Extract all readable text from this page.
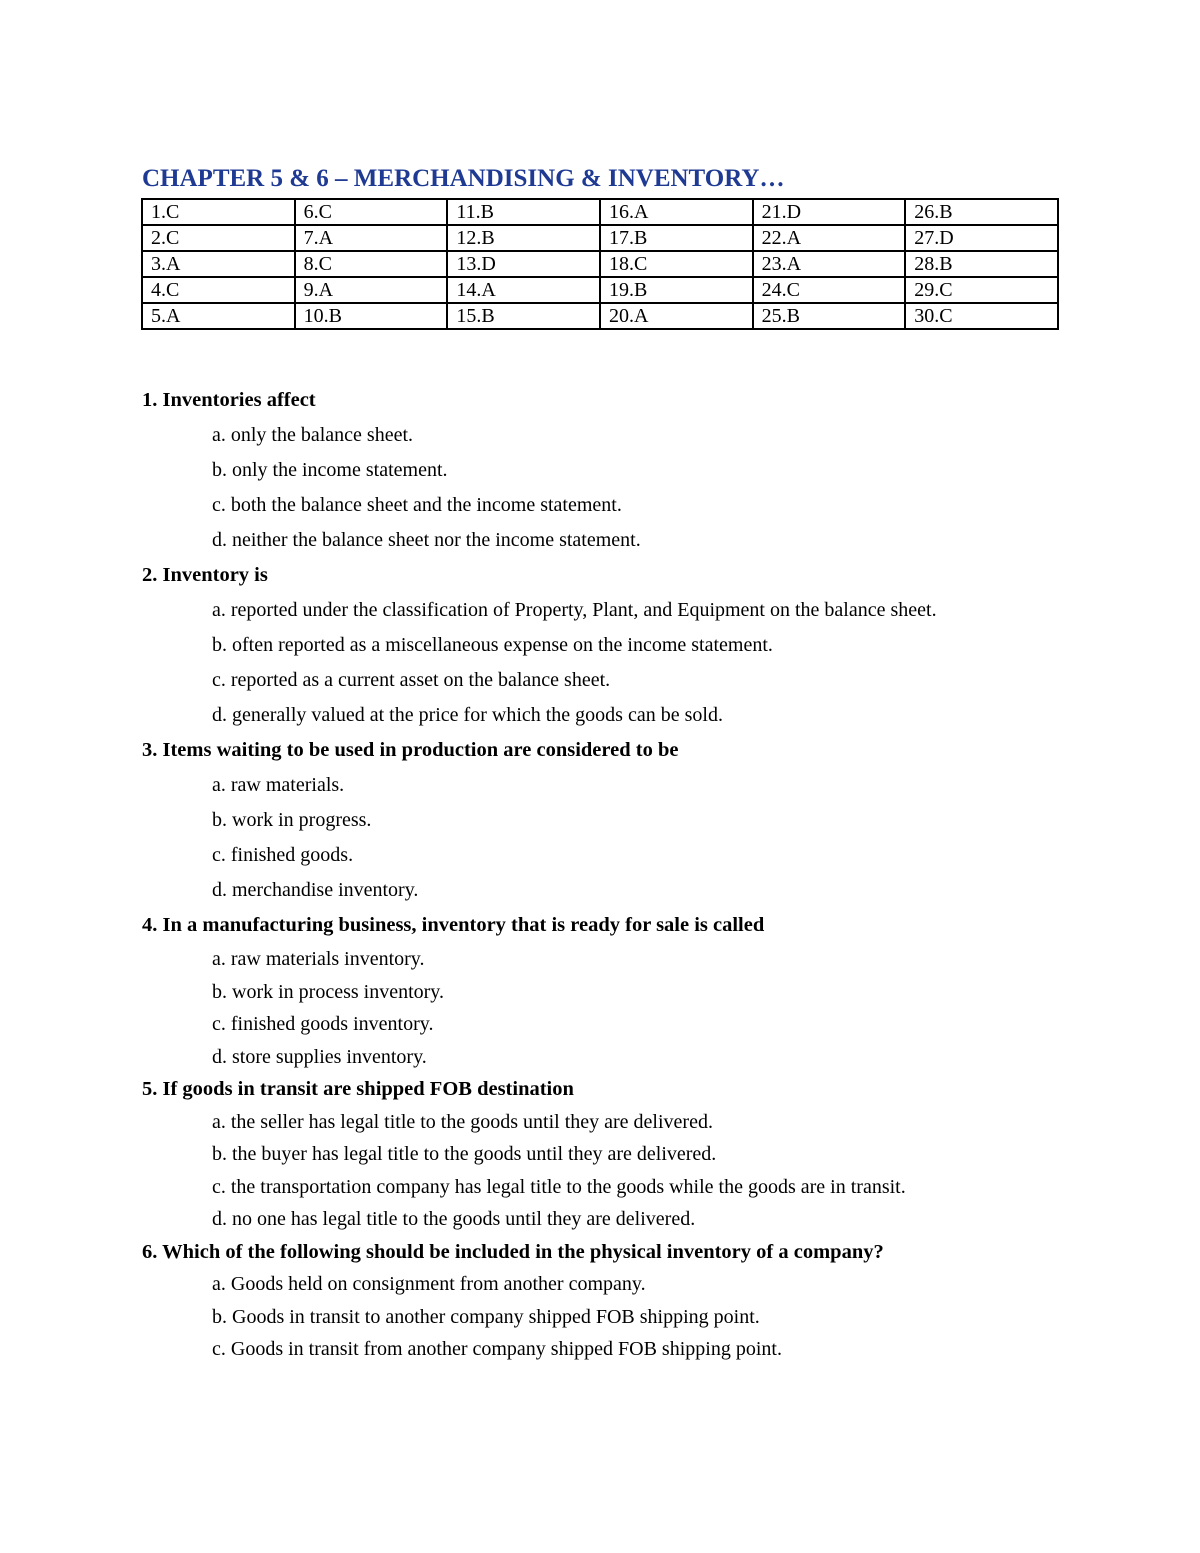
CHAPTER 5 & 6 – MERCHANDISING & INVENTORY…
1.C	6.C	11.B	16.A	21.D	26.B
2.C	7.A	12.B	17.B	22.A	27.D
3.A	8.C	13.D	18.C	23.A	28.B
4.C	9.A	14.A	19.B	24.C	29.C
5.A	10.B	15.B	20.A	25.B	30.C
1. Inventories affect
a. only the balance sheet.
b. only the income statement.
c. both the balance sheet and the income statement.
d. neither the balance sheet nor the income statement.
2. Inventory is
a. reported under the classification of Property, Plant, and Equipment on the balance sheet.
b. often reported as a miscellaneous expense on the income statement.
c. reported as a current asset on the balance sheet.
d. generally valued at the price for which the goods can be sold.
3. Items waiting to be used in production are considered to be
a. raw materials.
b. work in progress.
c. finished goods.
d. merchandise inventory.
4. In a manufacturing business, inventory that is ready for sale is called
a. raw materials inventory.
b. work in process inventory.
c. finished goods inventory.
d. store supplies inventory.
5. If goods in transit are shipped FOB destination
a. the seller has legal title to the goods until they are delivered.
b. the buyer has legal title to the goods until they are delivered.
c. the transportation company has legal title to the goods while the goods are in transit.
d. no one has legal title to the goods until they are delivered.
6. Which of the following should be included in the physical inventory of a company?
a. Goods held on consignment from another company.
b. Goods in transit to another company shipped FOB shipping point.
c. Goods in transit from another company shipped FOB shipping point.
